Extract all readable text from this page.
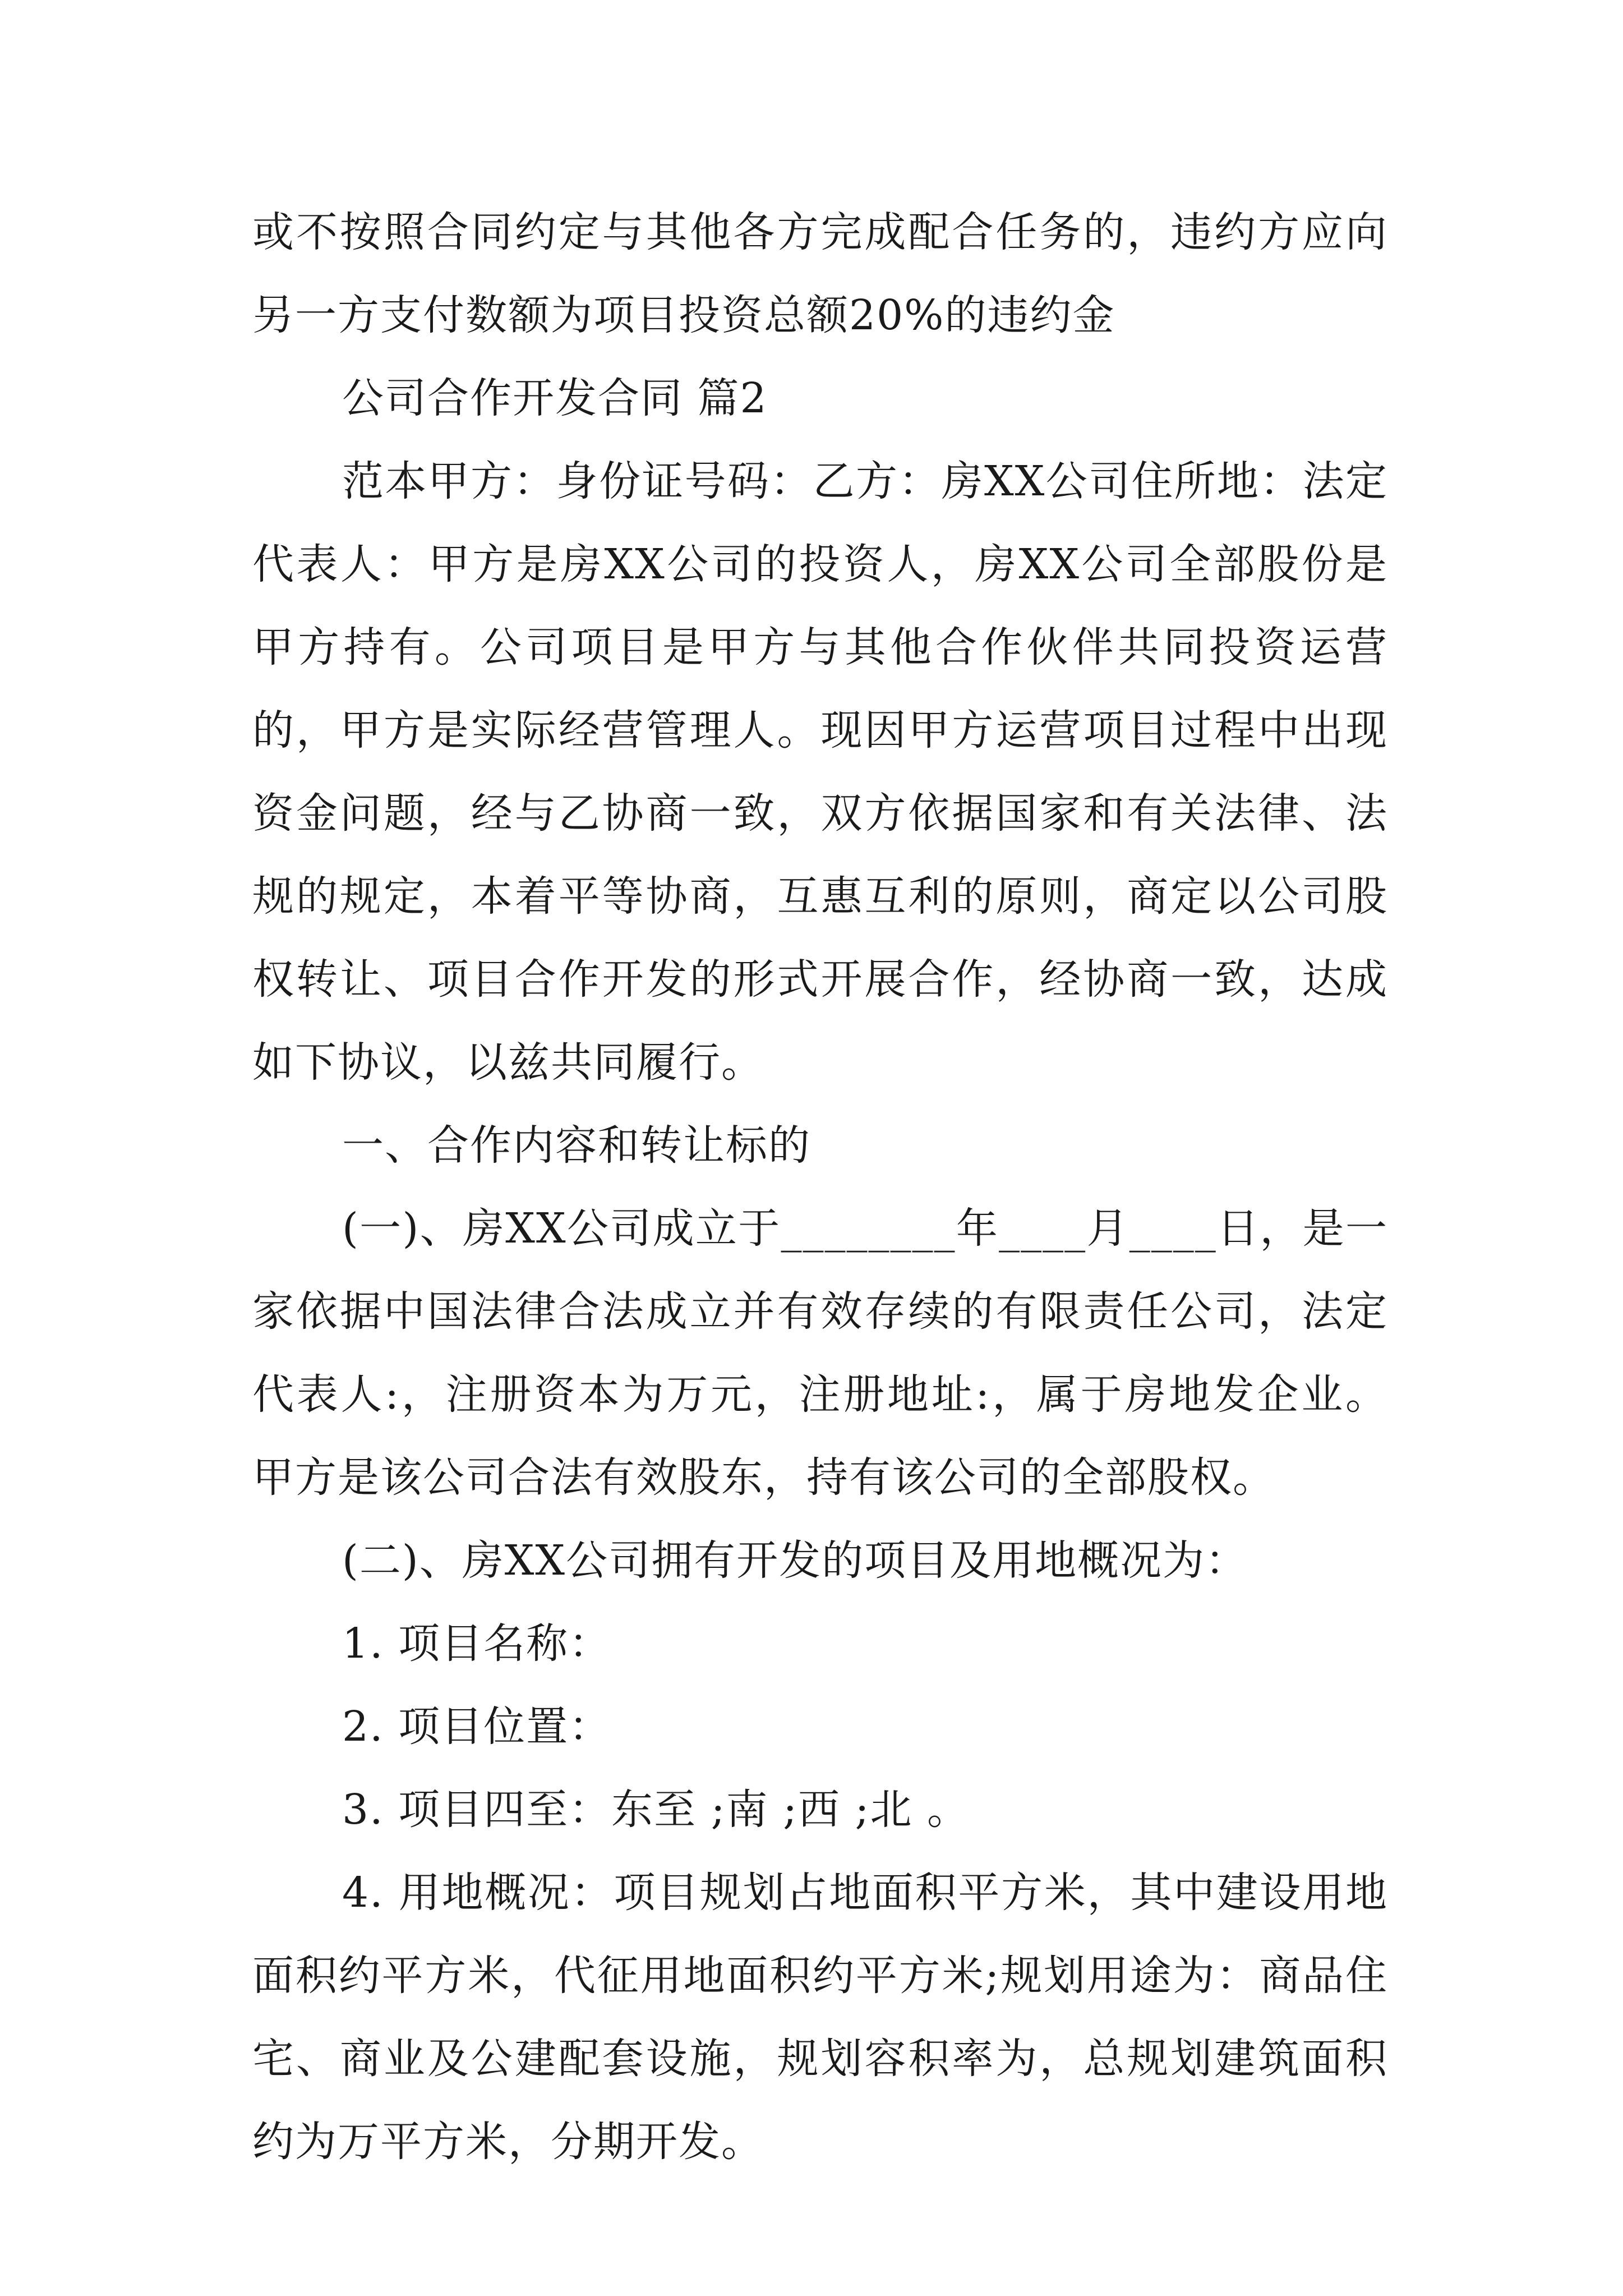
或不按照合同约定与其他各方完成配合任务的，违约方应向另一方支付数额为项目投资总额20%的违约金

公司合作开发合同 篇2

范本甲方：身份证号码：乙方：房XX公司住所地：法定代表人：甲方是房XX公司的投资人，房XX公司全部股份是甲方持有。公司项目是甲方与其他合作伙伴共同投资运营的，甲方是实际经营管理人。现因甲方运营项目过程中出现资金问题，经与乙协商一致，双方依据国家和有关法律、法规的规定，本着平等协商，互惠互利的原则，商定以公司股权转让、项目合作开发的形式开展合作，经协商一致，达成如下协议，以兹共同履行。

一、合作内容和转让标的

(一)、房XX公司成立于________年____月____日，是一家依据中国法律合法成立并有效存续的有限责任公司，法定代表人:，注册资本为万元，注册地址:，属于房地发企业。甲方是该公司合法有效股东，持有该公司的全部股权。

(二)、房XX公司拥有开发的项目及用地概况为：

1. 项目名称：

2. 项目位置：

3. 项目四至：东至 ;南 ;西 ;北 。

4. 用地概况：项目规划占地面积平方米，其中建设用地面积约平方米，代征用地面积约平方米;规划用途为：商品住宅、商业及公建配套设施，规划容积率为，总规划建筑面积约为万平方米，分期开发。
